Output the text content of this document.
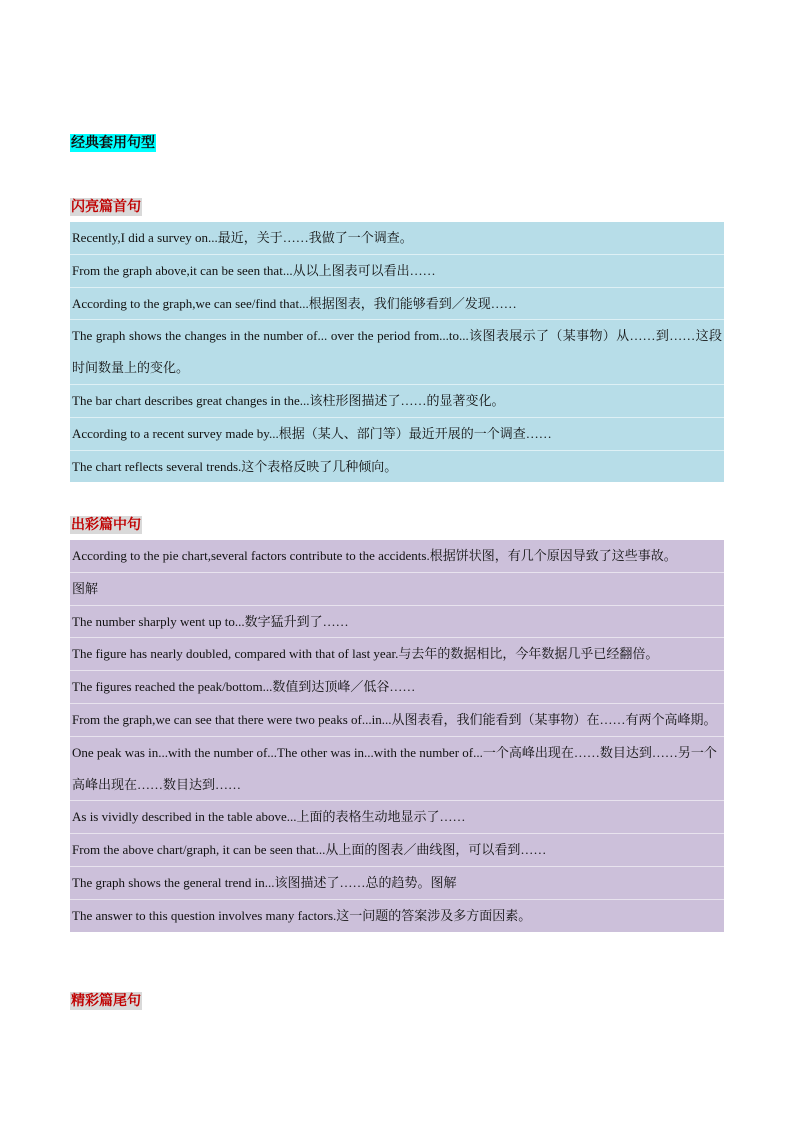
经典套用句型
闪亮篇首句
Recently,I did a survey on...最近，关于……我做了一个调查。
From the graph above,it can be seen that...从以上图表可以看出……
According to the graph,we can see/find that...根据图表，我们能够看到／发现……
The graph shows the changes in the number of... over the period from...to...该图表展示了（某事物）从……到……这段时间数量上的变化。
The bar chart describes great changes in the...该柱形图描述了……的显著变化。
According to a recent survey made by...根据（某人、部门等）最近开展的一个调查……
The chart reflects several trends.这个表格反映了几种倾向。
出彩篇中句
According to the pie chart,several factors contribute to the accidents.根据饼状图，有几个原因导致了这些事故。
图解
The number sharply went up to...数字猛升到了……
The figure has nearly doubled, compared with that of last year.与去年的数据相比，今年数据几乎已经翻倍。
The figures reached the peak/bottom...数值到达顶峰／低谷……
From the graph,we can see that there were two peaks of...in...从图表看，我们能看到（某事物）在……有两个高峰期。
One peak was in...with the number of...The other was in...with the number of...一个高峰出现在……数目达到……另一个高峰出现在……数目达到……
As is vividly described in the table above...上面的表格生动地显示了……
From the above chart/graph, it can be seen that...从上面的图表／曲线图，可以看到……
The graph shows the general trend in...该图描述了……总的趋势。图解
The answer to this question involves many factors.这一问题的答案涉及多方面因素。
精彩篇尾句
